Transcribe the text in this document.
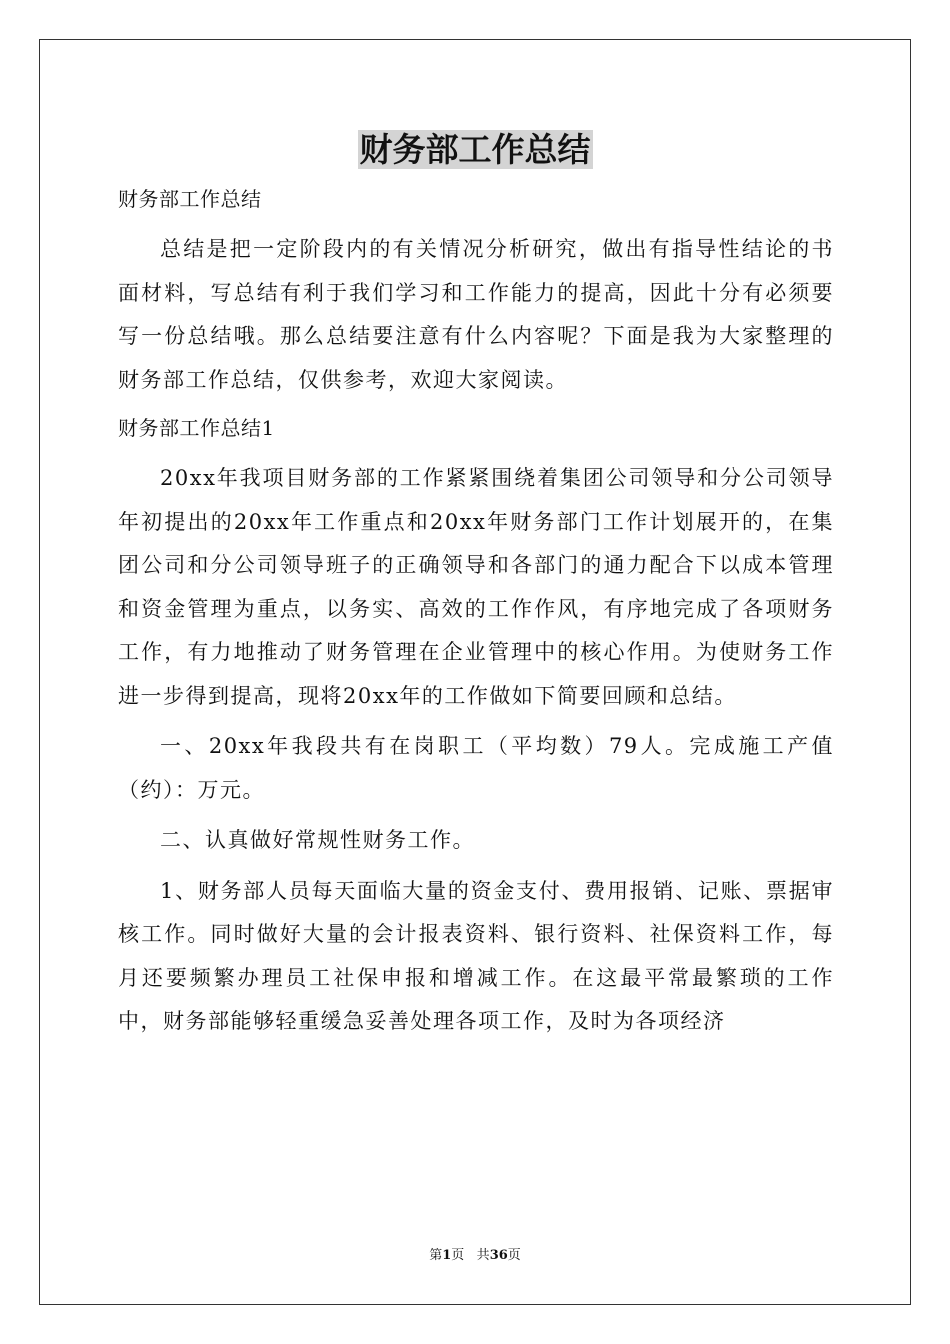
财务部工作总结

财务部工作总结

总结是把一定阶段内的有关情况分析研究，做出有指导性结论的书面材料，写总结有利于我们学习和工作能力的提高，因此十分有必须要写一份总结哦。那么总结要注意有什么内容呢？下面是我为大家整理的财务部工作总结，仅供参考，欢迎大家阅读。

财务部工作总结1

20xx年我项目财务部的工作紧紧围绕着集团公司领导和分公司领导年初提出的20xx年工作重点和20xx年财务部门工作计划展开的，在集团公司和分公司领导班子的正确领导和各部门的通力配合下以成本管理和资金管理为重点，以务实、高效的工作作风，有序地完成了各项财务工作，有力地推动了财务管理在企业管理中的核心作用。为使财务工作进一步得到提高，现将20xx年的工作做如下简要回顾和总结。

一、20xx年我段共有在岗职工（平均数）79人。完成施工产值（约）：万元。

二、认真做好常规性财务工作。

1、财务部人员每天面临大量的资金支付、费用报销、记账、票据审核工作。同时做好大量的会计报表资料、银行资料、社保资料工作，每月还要频繁办理员工社保申报和增减工作。在这最平常最繁琐的工作中，财务部能够轻重缓急妥善处理各项工作，及时为各项经济

第1页 共36页
